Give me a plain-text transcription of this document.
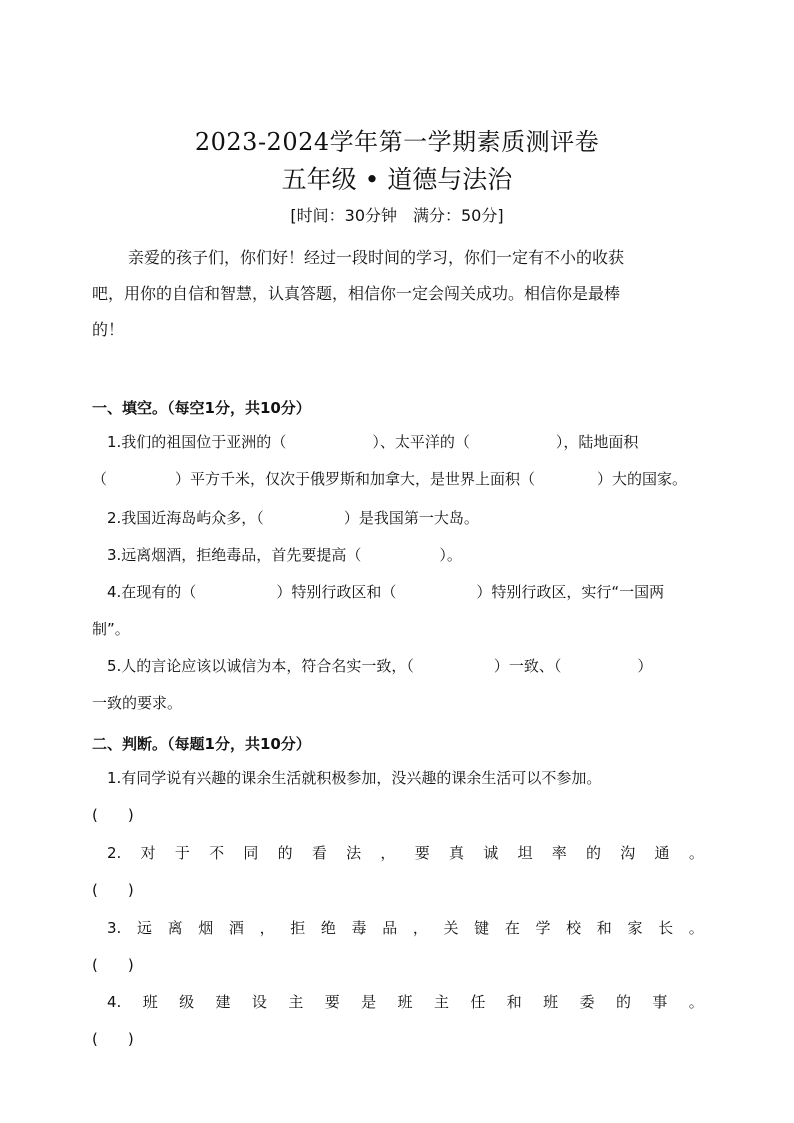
2023-2024学年第一学期素质测评卷
五年级 • 道德与法治
[时间：30分钟　满分：50分]
亲爱的孩子们，你们好！经过一段时间的学习，你们一定有不小的收获
吧，用你的自信和智慧，认真答题，相信你一定会闯关成功。相信你是最棒
的！
一、填空。（每空1分，共10分）
1.我们的祖国位于亚洲的（	）、太平洋的（	），陆地面积
（	）平方千米，仅次于俄罗斯和加拿大，是世界上面积（	）大的国家。
2.我国近海岛屿众多，（	）是我国第一大岛。
3.远离烟酒，拒绝毒品，首先要提高（	）。
4.在现有的（	）特别行政区和（	）特别行政区，实行“一国两
制”。
5.人的言论应该以诚信为本，符合名实一致，（	）一致、（	）
一致的要求。
二、判断。（每题1分，共10分）
1.有同学说有兴趣的课余生活就积极参加，没兴趣的课余生活可以不参加。
(　　)
2. 对 于 不 同 的 看 法 ， 要 真 诚 坦 率 的 沟 通 。
(　　)
3. 远 离 烟 酒 ， 拒 绝 毒 品 ， 关 键 在 学 校 和 家 长 。
(　　)
4. 班 级 建 设 主 要 是 班 主 任 和 班 委 的 事 。
(　　)
